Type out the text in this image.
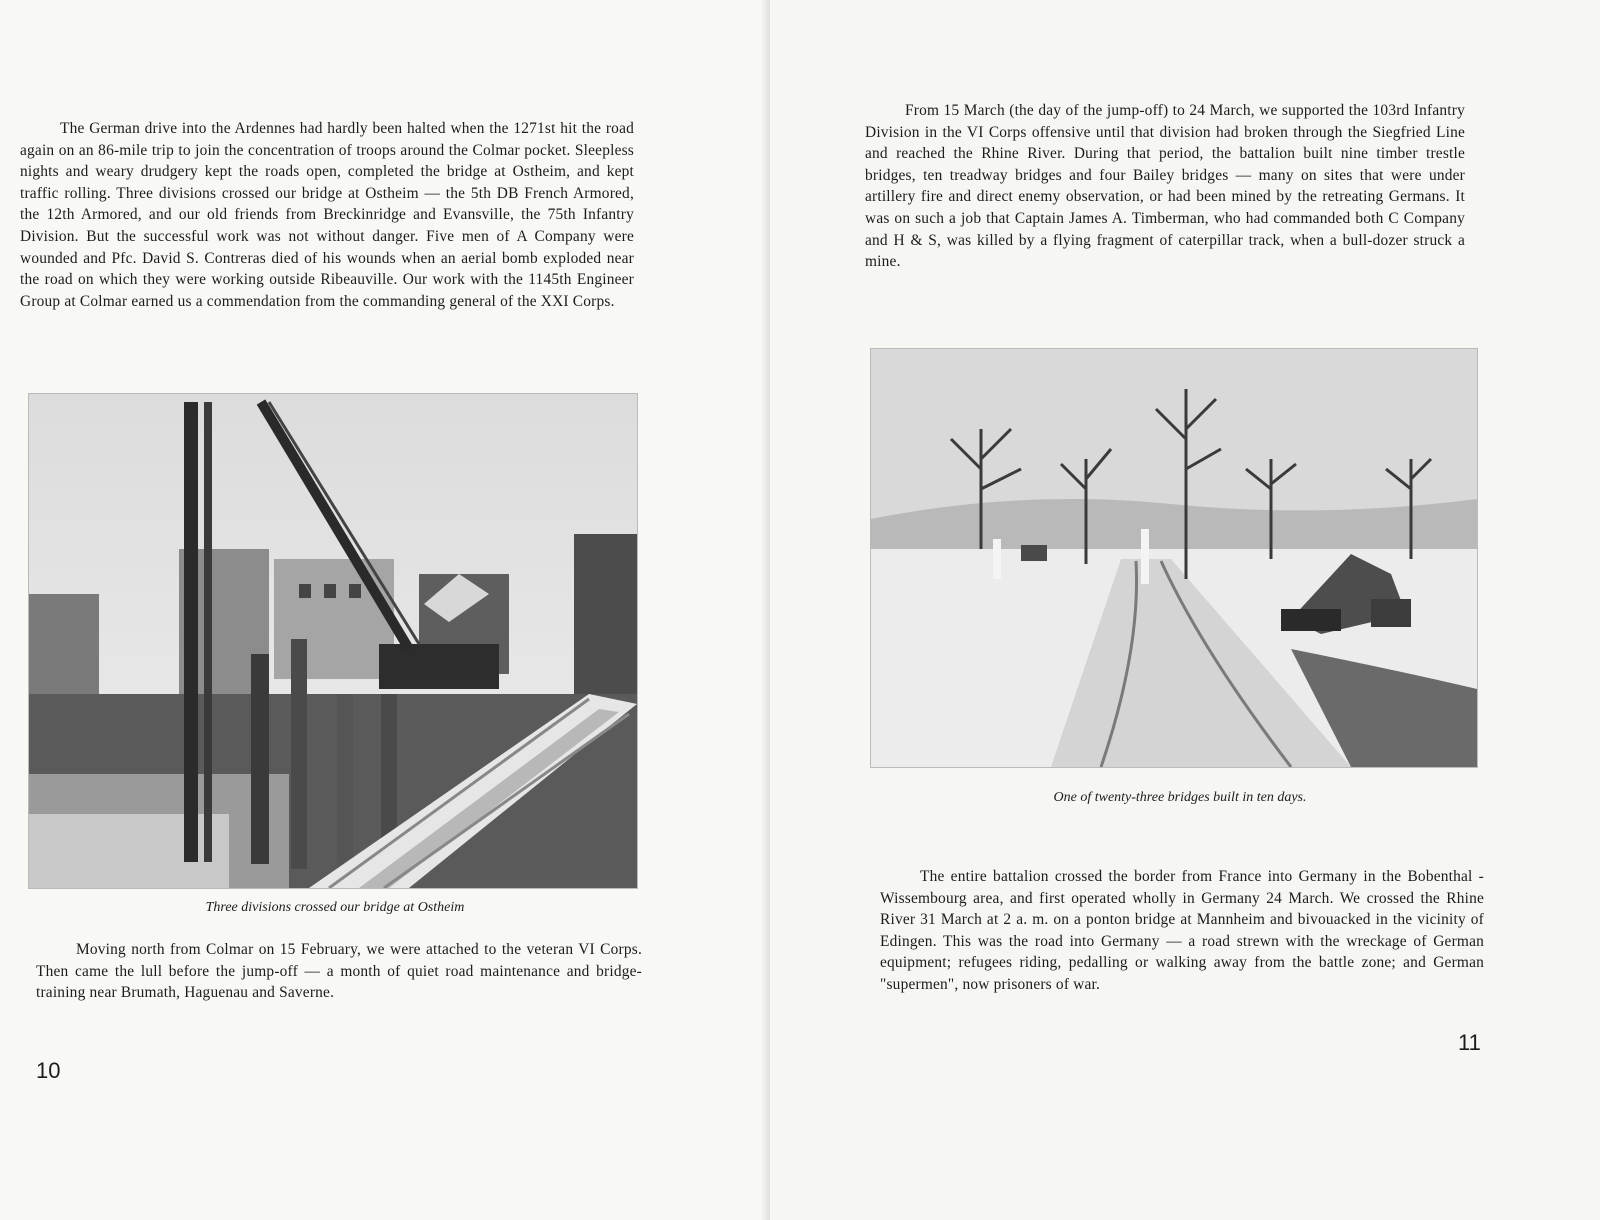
The German drive into the Ardennes had hardly been halted when the 1271st hit the road again on an 86-mile trip to join the concentration of troops around the Colmar pocket. Sleepless nights and weary drudgery kept the roads open, completed the bridge at Ostheim, and kept traffic rolling. Three divisions crossed our bridge at Ostheim — the 5th DB French Armored, the 12th Armored, and our old friends from Breckinridge and Evansville, the 75th Infantry Division. But the successful work was not without danger. Five men of A Company were wounded and Pfc. David S. Contreras died of his wounds when an aerial bomb exploded near the road on which they were working outside Ribeauville. Our work with the 1145th Engineer Group at Colmar earned us a commendation from the commanding general of the XXI Corps.
Three divisions crossed our bridge at Ostheim
Moving north from Colmar on 15 February, we were attached to the veteran VI Corps. Then came the lull before the jump-off — a month of quiet road maintenance and bridge-training near Brumath, Haguenau and Saverne.
10
From 15 March (the day of the jump-off) to 24 March, we supported the 103rd Infantry Division in the VI Corps offensive until that division had broken through the Siegfried Line and reached the Rhine River. During that period, the battalion built nine timber trestle bridges, ten treadway bridges and four Bailey bridges — many on sites that were under artillery fire and direct enemy observation, or had been mined by the retreating Germans. It was on such a job that Captain James A. Timberman, who had commanded both C Company and H & S, was killed by a flying fragment of caterpillar track, when a bull-dozer struck a mine.
One of twenty-three bridges built in ten days.
The entire battalion crossed the border from France into Germany in the Bobenthal - Wissembourg area, and first operated wholly in Germany 24 March. We crossed the Rhine River 31 March at 2 a. m. on a ponton bridge at Mannheim and bivouacked in the vicinity of Edingen. This was the road into Germany — a road strewn with the wreckage of German equipment; refugees riding, pedalling or walking away from the battle zone; and German "supermen", now prisoners of war.
11
